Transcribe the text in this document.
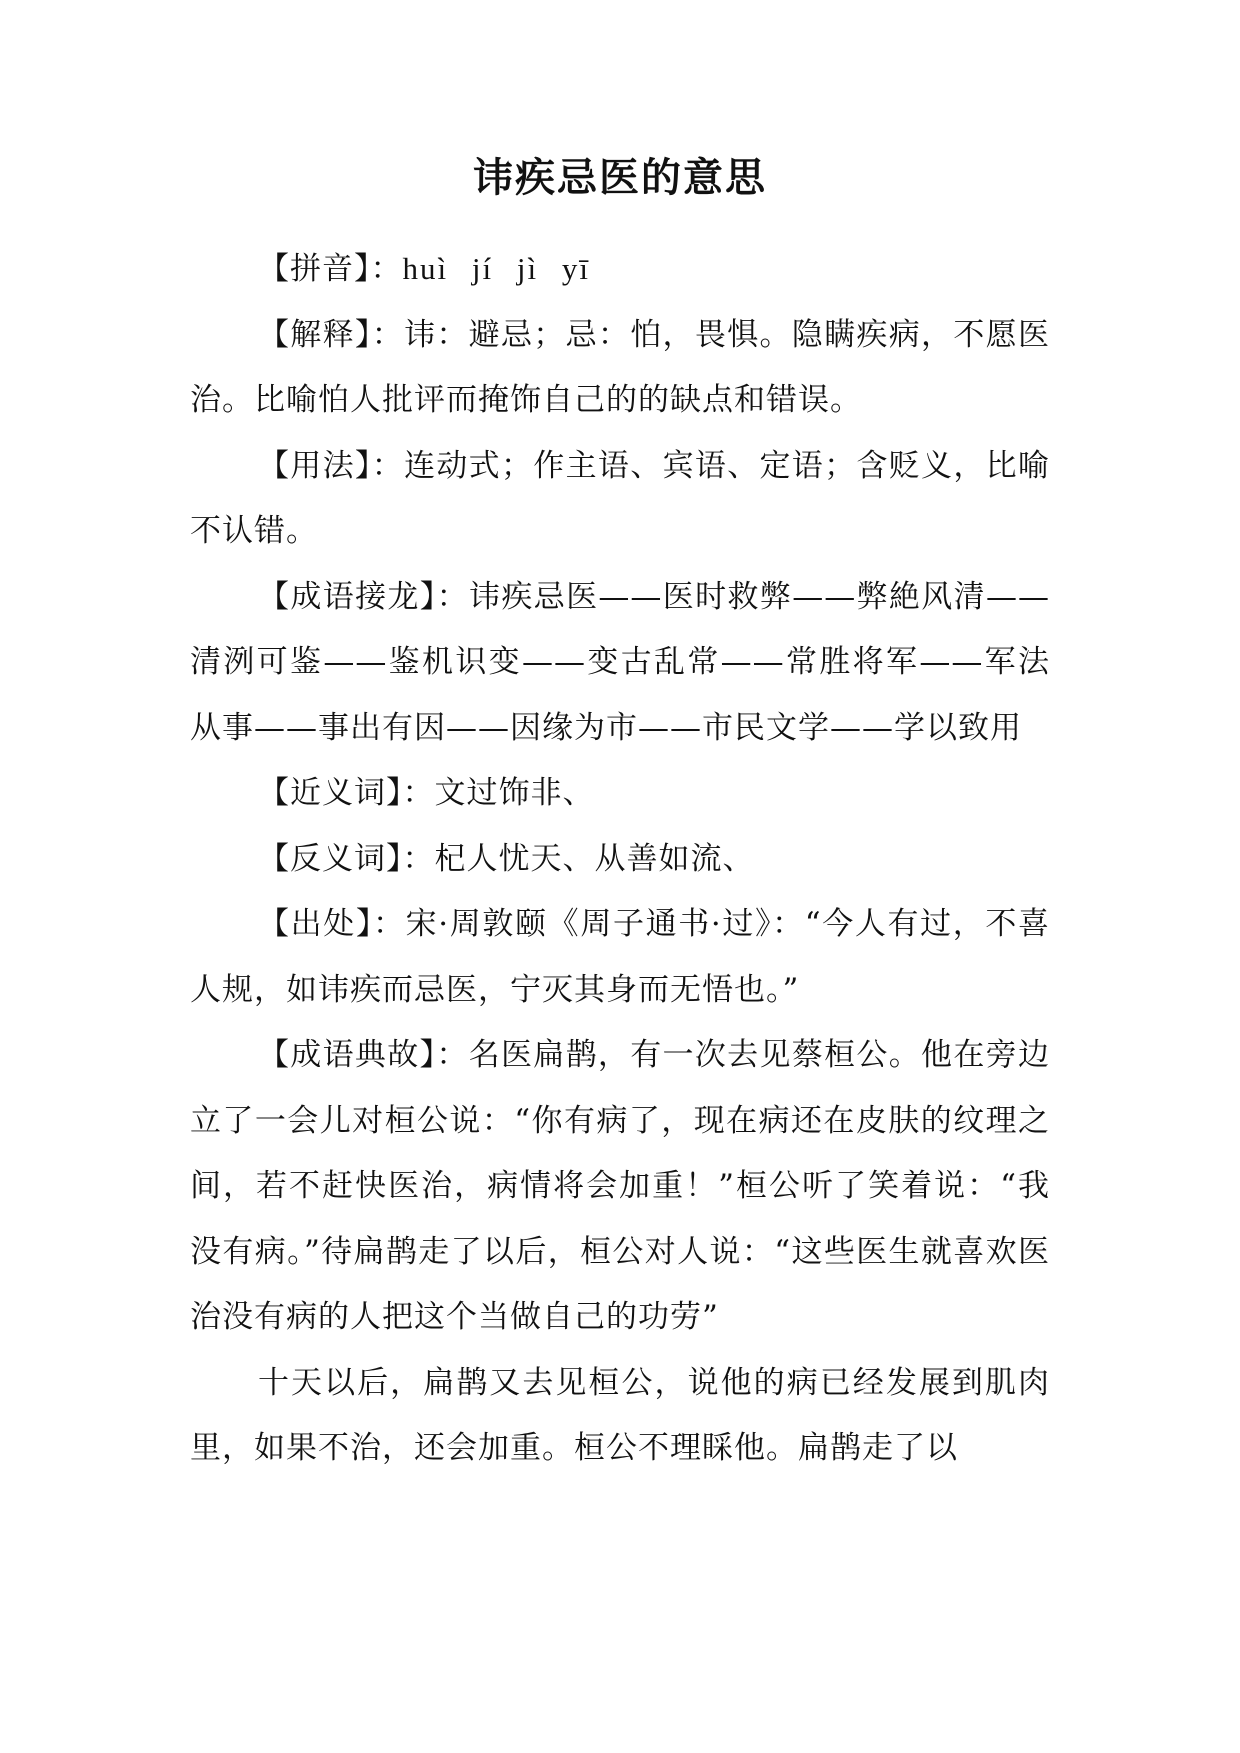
讳疾忌医的意思

【拼音】：huì jí jì yī

【解释】：讳：避忌；忌：怕，畏惧。隐瞒疾病，不愿医治。比喻怕人批评而掩饰自己的的缺点和错误。

【用法】：连动式；作主语、宾语、定语；含贬义，比喻不认错。

【成语接龙】：讳疾忌医——医时救弊——弊絶风清——清洌可鉴——鉴机识变——变古乱常——常胜将军——军法从事——事出有因——因缘为市——市民文学——学以致用

【近义词】：文过饰非、

【反义词】：杞人忧天、从善如流、

【出处】：宋·周敦颐《周子通书·过》：“今人有过，不喜人规，如讳疾而忌医，宁灭其身而无悟也。”

【成语典故】：名医扁鹊，有一次去见蔡桓公。他在旁边立了一会儿对桓公说：“你有病了，现在病还在皮肤的纹理之间，若不赶快医治，病情将会加重！”桓公听了笑着说：“我没有病。”待扁鹊走了以后，桓公对人说：“这些医生就喜欢医治没有病的人把这个当做自己的功劳”

十天以后，扁鹊又去见桓公，说他的病已经发展到肌肉里，如果不治，还会加重。桓公不理睬他。扁鹊走了以
